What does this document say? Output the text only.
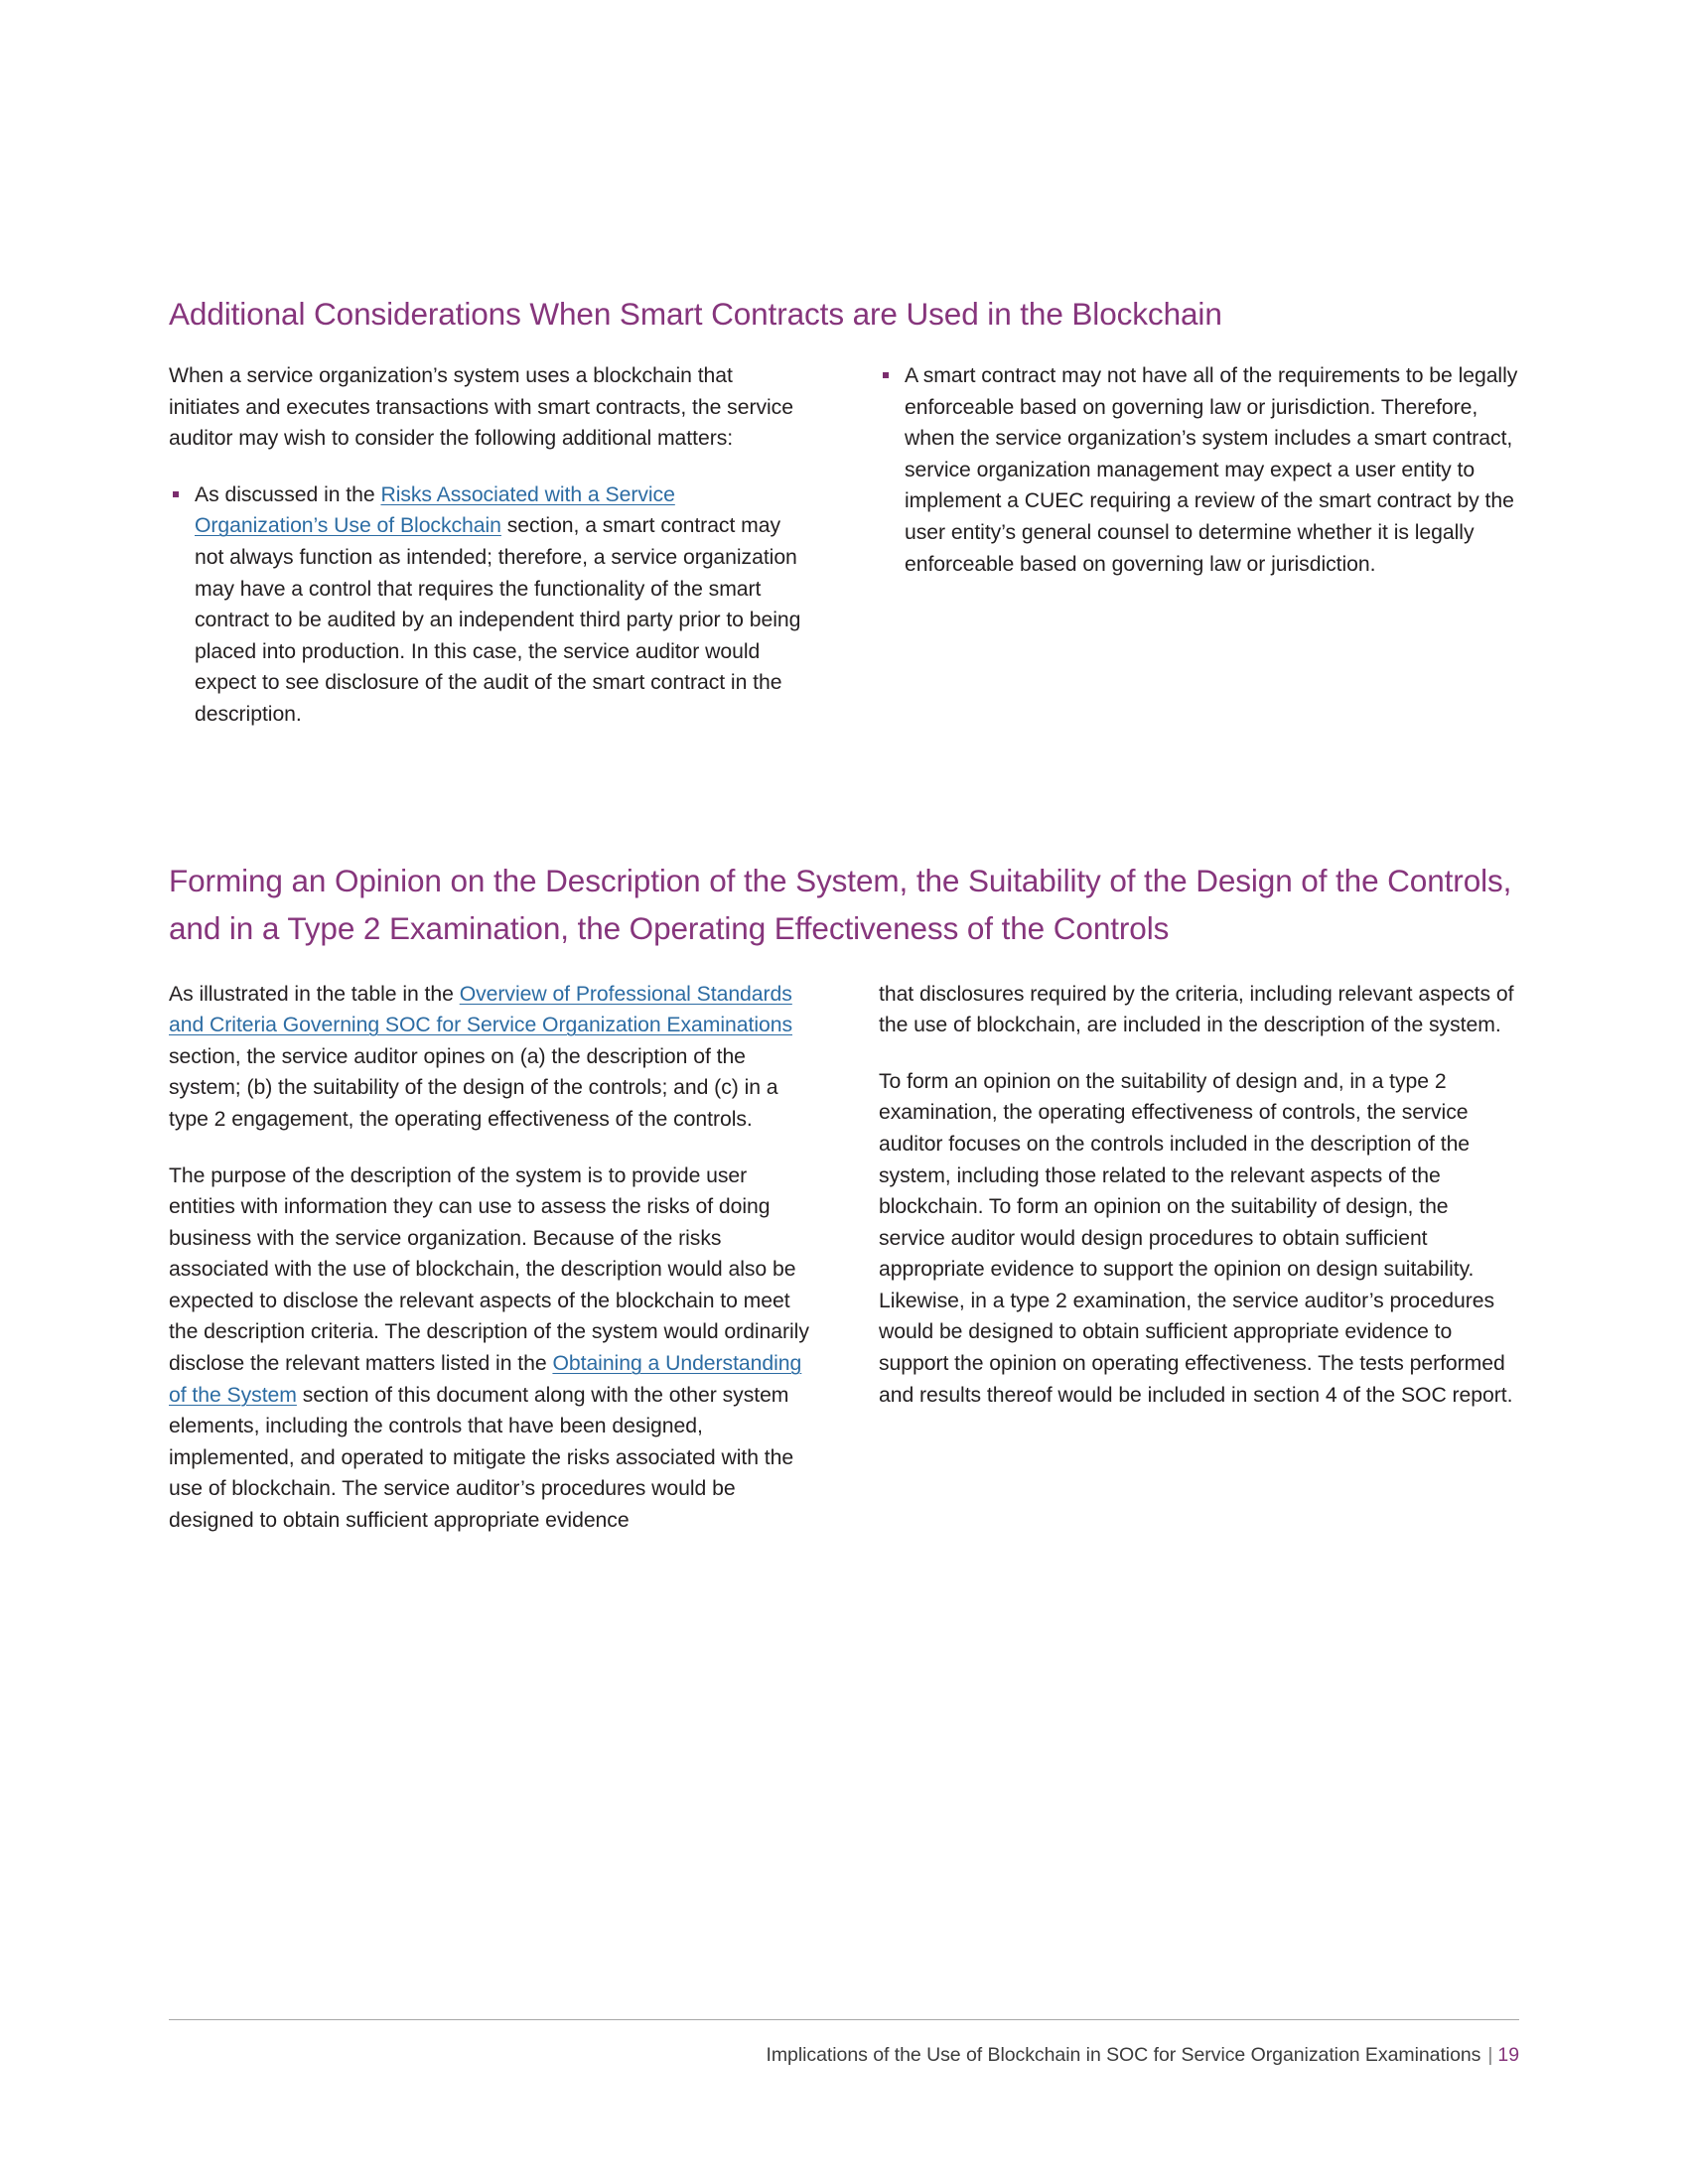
Additional Considerations When Smart Contracts are Used in the Blockchain

When a service organization’s system uses a blockchain that initiates and executes transactions with smart contracts, the service auditor may wish to consider the following additional matters:

As discussed in the Risks Associated with a Service Organization’s Use of Blockchain section, a smart contract may not always function as intended; therefore, a service organization may have a control that requires the functionality of the smart contract to be audited by an independent third party prior to being placed into production. In this case, the service auditor would expect to see disclosure of the audit of the smart contract in the description.
A smart contract may not have all of the requirements to be legally enforceable based on governing law or jurisdiction. Therefore, when the service organization’s system includes a smart contract, service organization management may expect a user entity to implement a CUEC requiring a review of the smart contract by the user entity’s general counsel to determine whether it is legally enforceable based on governing law or jurisdiction.
Forming an Opinion on the Description of the System, the Suitability of the Design of the Controls, and in a Type 2 Examination, the Operating Effectiveness of the Controls

As illustrated in the table in the Overview of Professional Standards and Criteria Governing SOC for Service Organization Examinations section, the service auditor opines on (a) the description of the system; (b) the suitability of the design of the controls; and (c) in a type 2 engagement, the operating effectiveness of the controls.

The purpose of the description of the system is to provide user entities with information they can use to assess the risks of doing business with the service organization. Because of the risks associated with the use of blockchain, the description would also be expected to disclose the relevant aspects of the blockchain to meet the description criteria. The description of the system would ordinarily disclose the relevant matters listed in the Obtaining a Understanding of the System section of this document along with the other system elements, including the controls that have been designed, implemented, and operated to mitigate the risks associated with the use of blockchain. The service auditor’s procedures would be designed to obtain sufficient appropriate evidence

that disclosures required by the criteria, including relevant aspects of the use of blockchain, are included in the description of the system.

To form an opinion on the suitability of design and, in a type 2 examination, the operating effectiveness of controls, the service auditor focuses on the controls included in the description of the system, including those related to the relevant aspects of the blockchain. To form an opinion on the suitability of design, the service auditor would design procedures to obtain sufficient appropriate evidence to support the opinion on design suitability. Likewise, in a type 2 examination, the service auditor’s procedures would be designed to obtain sufficient appropriate evidence to support the opinion on operating effectiveness. The tests performed and results thereof would be included in section 4 of the SOC report.

Implications of the Use of Blockchain in SOC for Service Organization Examinations | 19
